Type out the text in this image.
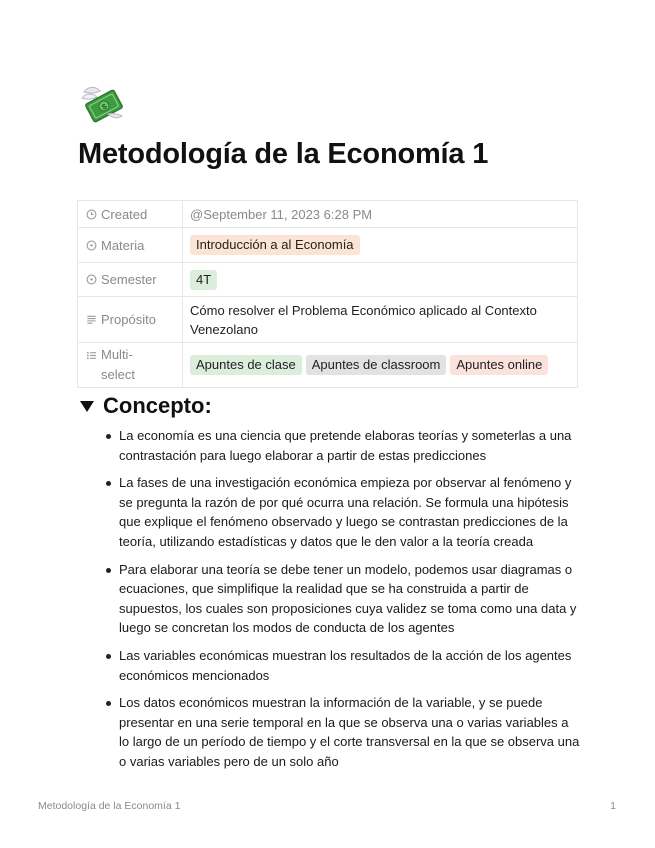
$
Metodología de la Economía 1
Created	@September 11, 2023 6:28 PM

Materia	Introducción a al Economía

Semester	4T

Propósito	Cómo resolver el Problema Económico aplicado al Contexto Venezolano

Multi-select	Apuntes de clase Apuntes de classroom Apuntes online
Concepto:
La economía es una ciencia que pretende elaboras teorías y someterlas a una contrastación para luego elaborar a partir de estas predicciones
La fases de una investigación económica empieza por observar al fenómeno y se pregunta la razón de por qué ocurra una relación. Se formula una hipótesis que explique el fenómeno observado y luego se contrastan predicciones de la teoría, utilizando estadísticas y datos que le den valor a la teoría creada
Para elaborar una teoría se debe tener un modelo, podemos usar diagramas o ecuaciones, que simplifique la realidad que se ha construida a partir de supuestos, los cuales son proposiciones cuya validez se toma como una data y luego se concretan los modos de conducta de los agentes
Las variables económicas muestran los resultados de la acción de los agentes económicos mencionados
Los datos económicos muestran la información de la variable, y se puede presentar en una serie temporal en la que se observa una o varias variables a lo largo de un período de tiempo y el corte transversal en la que se observa una o varias variables pero de un solo año
Metodología de la Economía 1	1
